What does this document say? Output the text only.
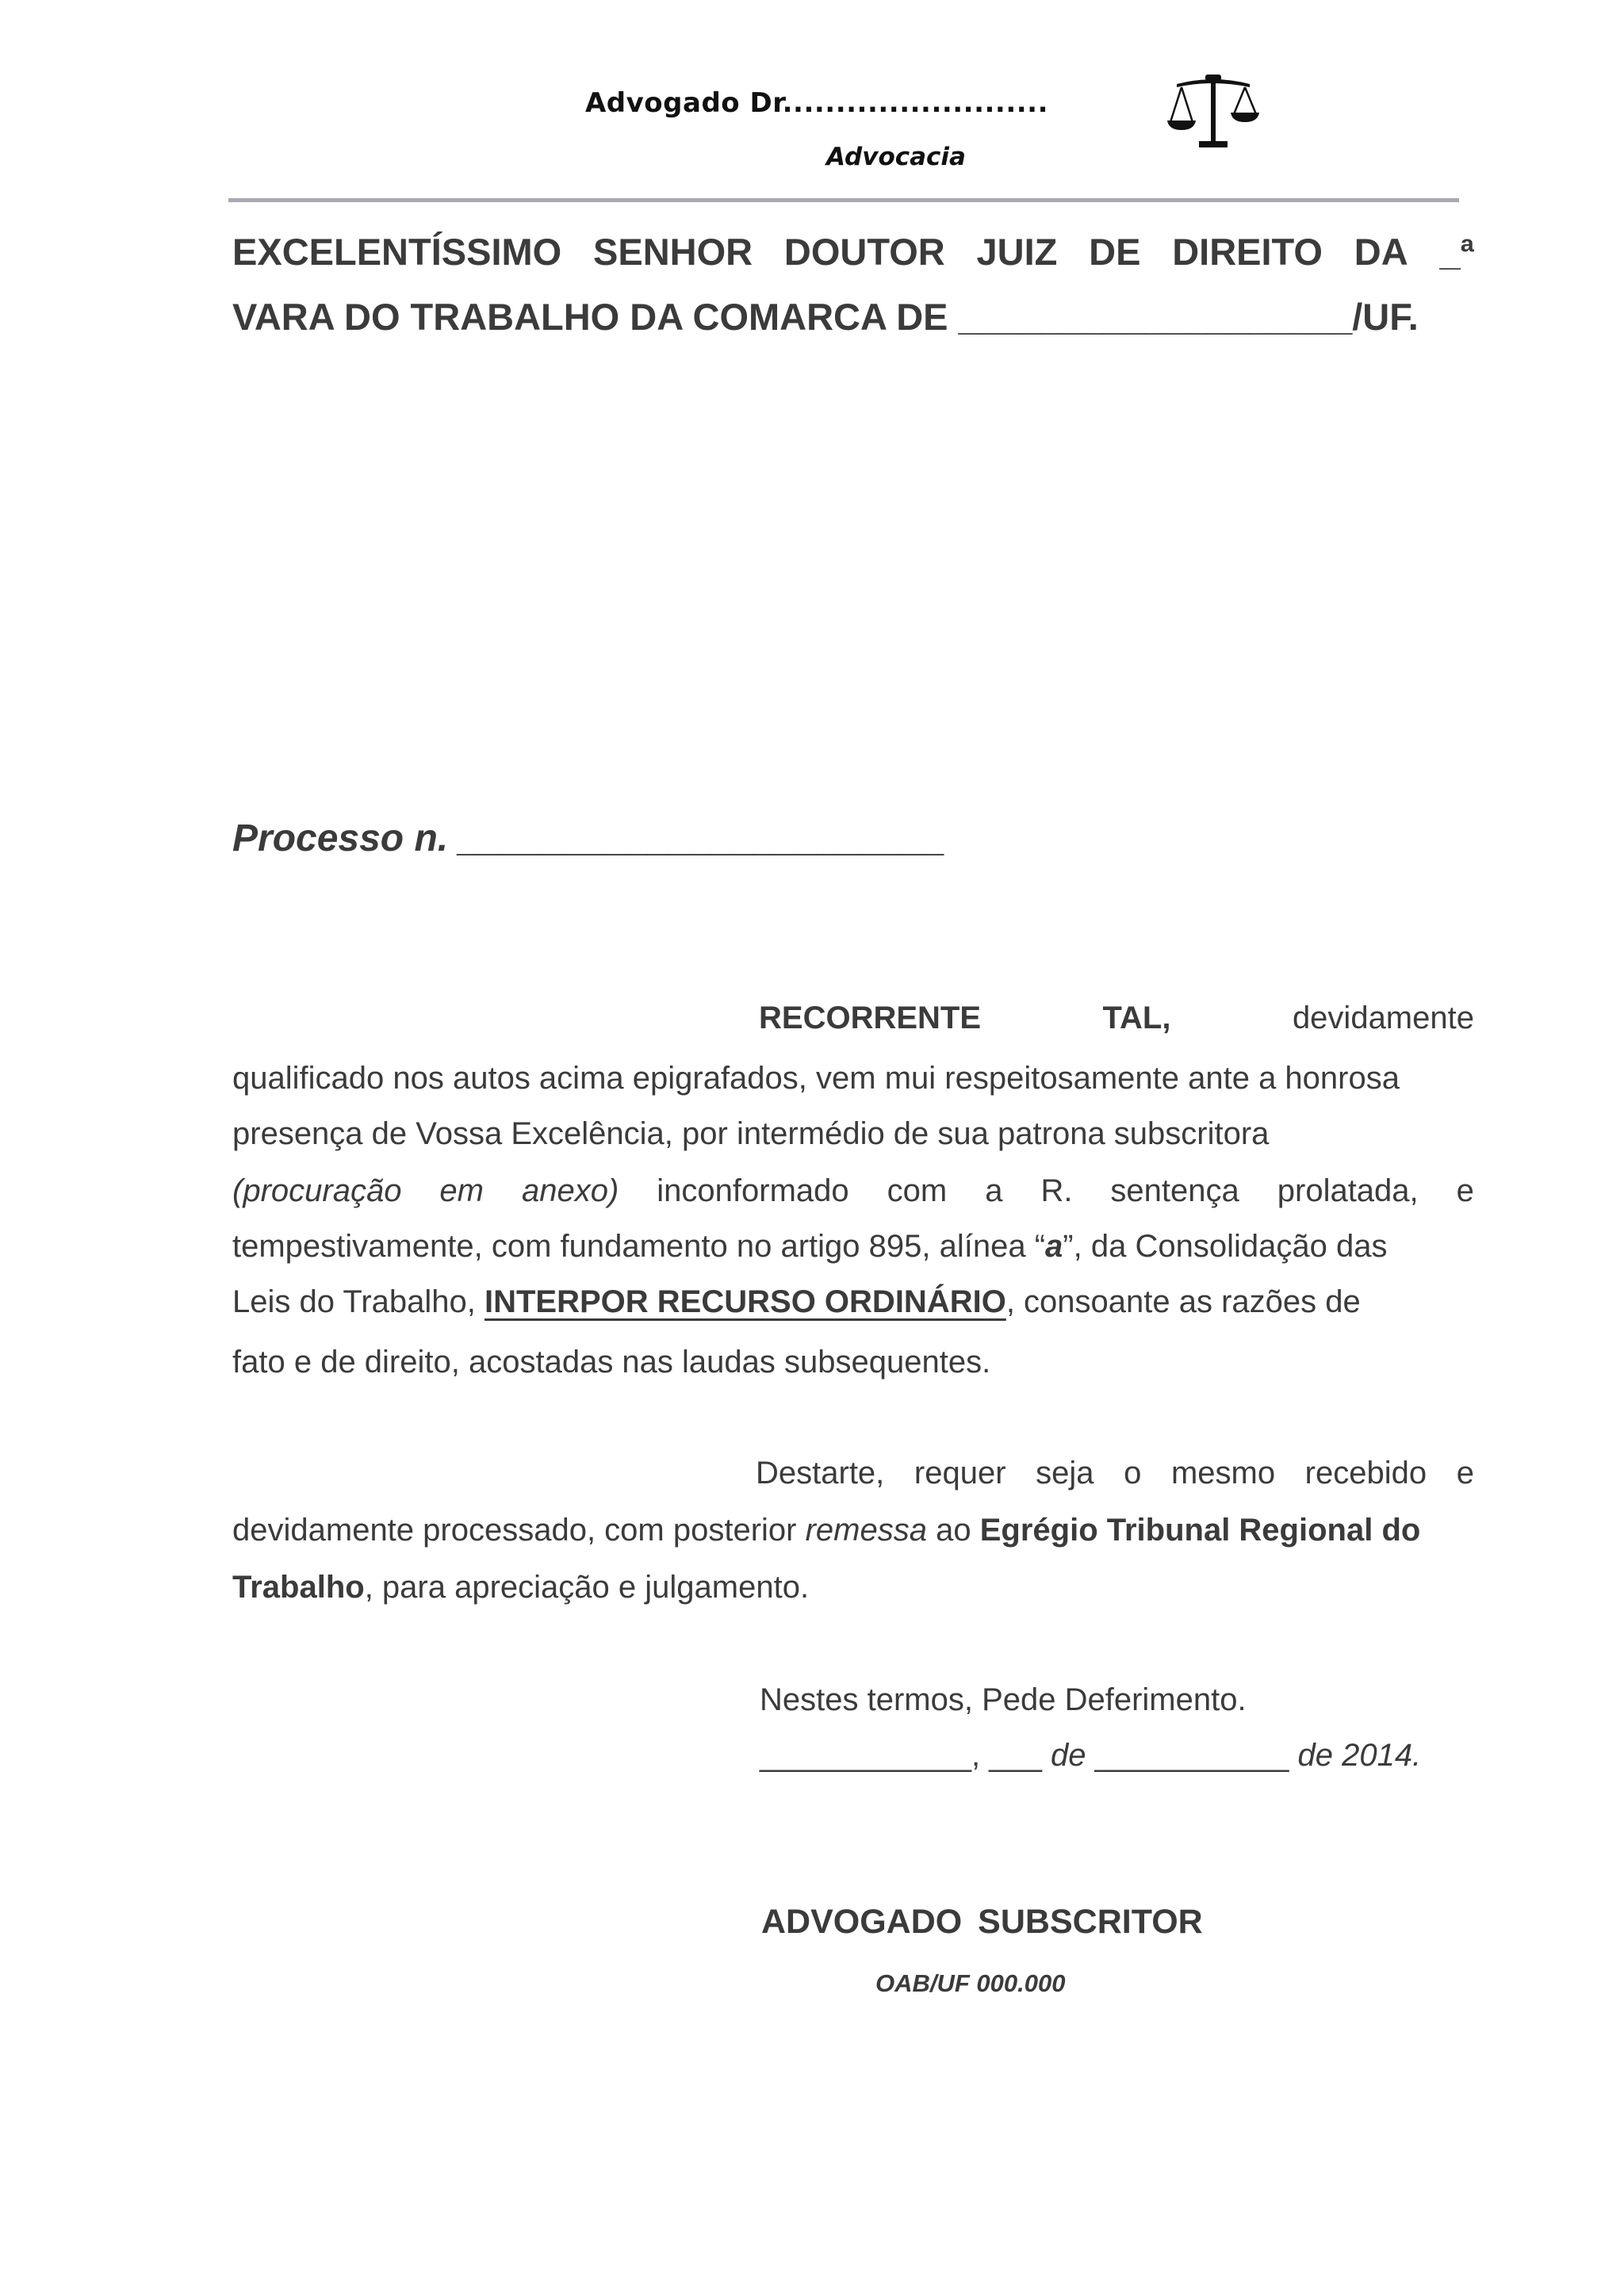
Advogado Dr.........................
Advocacia
EXCELENTÍSSIMO SENHOR DOUTOR JUIZ DE DIREITO DA _ª
VARA DO TRABALHO DA COMARCA DE ___________________/UF.
Processo n. _______________________
RECORRENTE	TAL,	devidamente
qualificado nos autos acima epigrafados, vem mui respeitosamente ante a honrosa
presença de Vossa Excelência, por intermédio de sua patrona subscritora
(procuração em anexo) inconformado com a R. sentença prolatada, e
tempestivamente, com fundamento no artigo 895, alínea “a”, da Consolidação das
Leis do Trabalho, INTERPOR RECURSO ORDINÁRIO, consoante as razões de
fato e de direito, acostadas nas laudas subsequentes.
Destarte, requer seja o mesmo recebido e
devidamente processado, com posterior remessa ao Egrégio Tribunal Regional do
Trabalho, para apreciação e julgamento.
Nestes termos, Pede Deferimento.
____________, ___ de ___________ de 2014.
ADVOGADO SUBSCRITOR
OAB/UF 000.000
